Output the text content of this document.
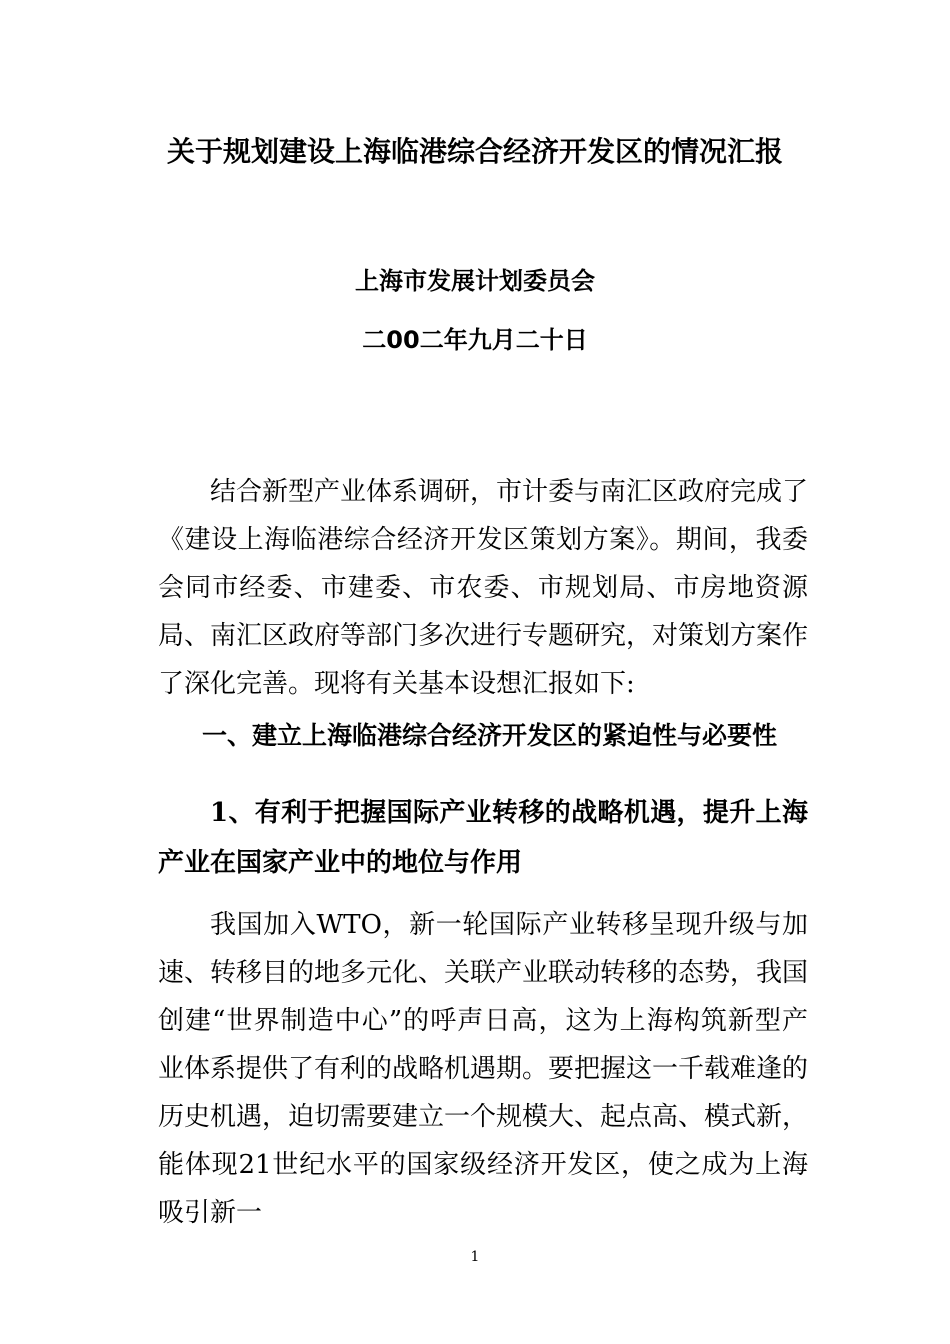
关于规划建设上海临港综合经济开发区的情况汇报
上海市发展计划委员会
二00二年九月二十日

结合新型产业体系调研，市计委与南汇区政府完成了《建设上海临港综合经济开发区策划方案》。期间，我委会同市经委、市建委、市农委、市规划局、市房地资源局、南汇区政府等部门多次进行专题研究，对策划方案作了深化完善。现将有关基本设想汇报如下:

一、建立上海临港综合经济开发区的紧迫性与必要性
1、有利于把握国际产业转移的战略机遇，提升上海产业在国家产业中的地位与作用

我国加入WTO，新一轮国际产业转移呈现升级与加速、转移目的地多元化、关联产业联动转移的态势，我国创建“世界制造中心”的呼声日高，这为上海构筑新型产业体系提供了有利的战略机遇期。要把握这一千载难逢的历史机遇，迫切需要建立一个规模大、起点高、模式新，能体现21世纪水平的国家级经济开发区，使之成为上海吸引新一

1
